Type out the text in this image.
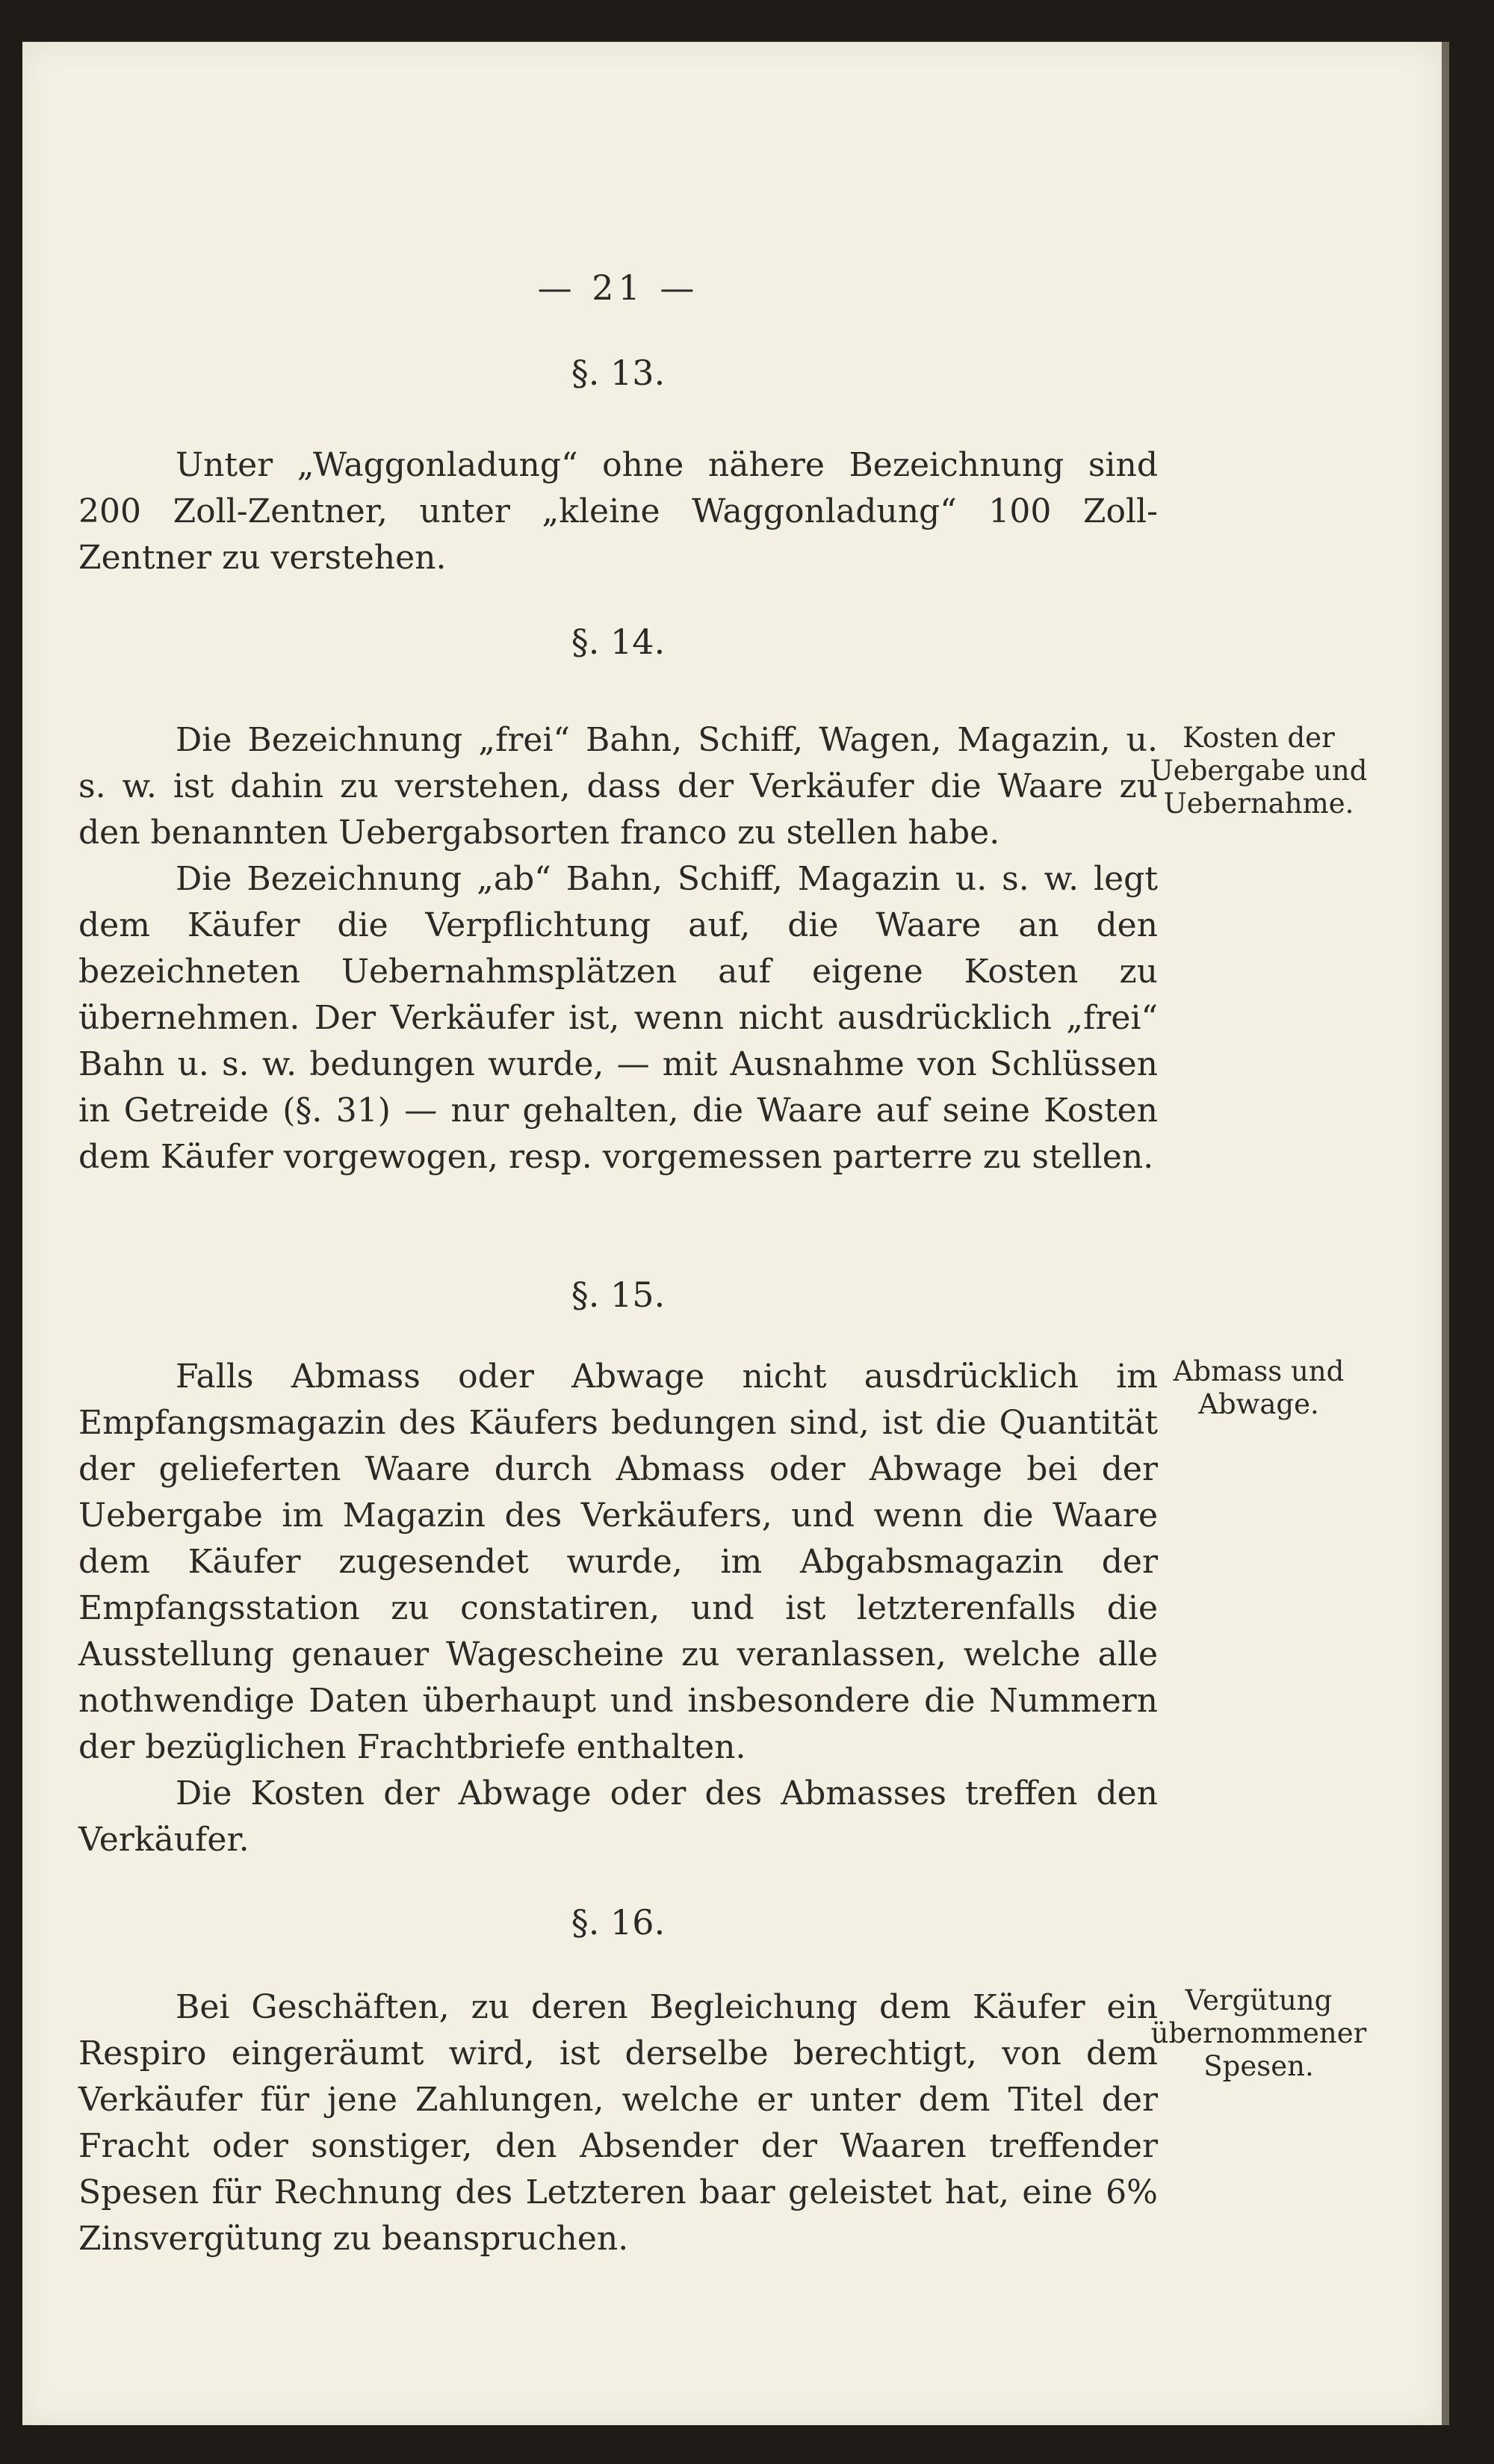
— 21 —
§. 13.
Unter „Waggonladung“ ohne nähere Bezeichnung sind 200 Zoll-Zentner, unter „kleine Waggonladung“ 100 Zoll-Zentner zu verstehen.
§. 14.
Die Bezeichnung „frei“ Bahn, Schiff, Wagen, Magazin, u. s. w. ist dahin zu verstehen, dass der Verkäufer die Waare zu den benannten Uebergabsorten franco zu stellen habe.
Die Bezeichnung „ab“ Bahn, Schiff, Magazin u. s. w. legt dem Käufer die Verpflichtung auf, die Waare an den bezeichneten Uebernahmsplätzen auf eigene Kosten zu übernehmen. Der Verkäufer ist, wenn nicht ausdrücklich „frei“ Bahn u. s. w. bedungen wurde, — mit Ausnahme von Schlüssen in Getreide (§. 31) — nur gehalten, die Waare auf seine Kosten dem Käufer vorgewogen, resp. vorgemessen parterre zu stellen.
§. 15.
Falls Abmass oder Abwage nicht ausdrücklich im Empfangsmagazin des Käufers bedungen sind, ist die Quantität der gelieferten Waare durch Abmass oder Abwage bei der Uebergabe im Magazin des Verkäufers, und wenn die Waare dem Käufer zugesendet wurde, im Abgabsmagazin der Empfangsstation zu constatiren, und ist letzterenfalls die Ausstellung genauer Wagescheine zu veranlassen, welche alle nothwendige Daten überhaupt und insbesondere die Nummern der bezüglichen Frachtbriefe enthalten.
Die Kosten der Abwage oder des Abmasses treffen den Verkäufer.
§. 16.
Bei Geschäften, zu deren Begleichung dem Käufer ein Respiro eingeräumt wird, ist derselbe berechtigt, von dem Verkäufer für jene Zahlungen, welche er unter dem Titel der Fracht oder sonstiger, den Absender der Waaren treffender Spesen für Rechnung des Letzteren baar geleistet hat, eine 6% Zinsvergütung zu beanspruchen.
Kosten der Uebergabe und Uebernahme.
Abmass und Abwage.
Vergütung übernommener Spesen.
